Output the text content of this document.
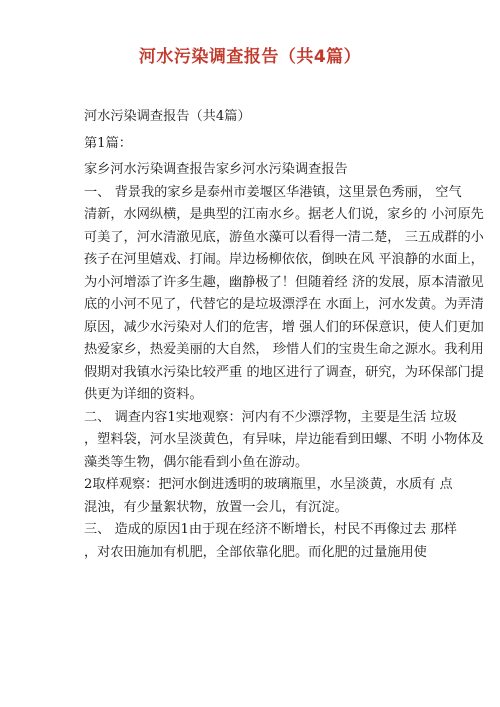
河水污染调查报告（共4篇）
河水污染调查报告（共4篇）
第1篇：
家乡河水污染调查报告家乡河水污染调查报告
一、 背景我的家乡是泰州市姜堰区华港镇，这里景色秀丽， 空气
清新，水网纵横，是典型的江南水乡。据老人们说，家乡的 小河原先
可美了，河水清澈见底，游鱼水藻可以看得一清二楚， 三五成群的小
孩子在河里嬉戏、打闹。岸边杨柳依依，倒映在风 平浪静的水面上，
为小河增添了许多生趣，幽静极了！但随着经 济的发展，原本清澈见
底的小河不见了，代替它的是垃圾漂浮在 水面上，河水发黄。为弄清
原因，减少水污染对人们的危害，增 强人们的环保意识，使人们更加
热爱家乡，热爱美丽的大自然， 珍惜人们的宝贵生命之源水。我利用
假期对我镇水污染比较严重 的地区进行了调查，研究，为环保部门提
供更为详细的资料。
二、 调查内容1实地观察：河内有不少漂浮物，主要是生活 垃圾
，塑料袋，河水呈淡黄色，有异味，岸边能看到田螺、不明 小物体及
藻类等生物，偶尔能看到小鱼在游动。
2取样观察：把河水倒进透明的玻璃瓶里，水呈淡黄，水质有 点
混浊，有少量絮状物，放置一会儿，有沉淀。
三、 造成的原因1由于现在经济不断增长，村民不再像过去 那样
，对农田施加有机肥，全部依靠化肥。而化肥的过量施用使
